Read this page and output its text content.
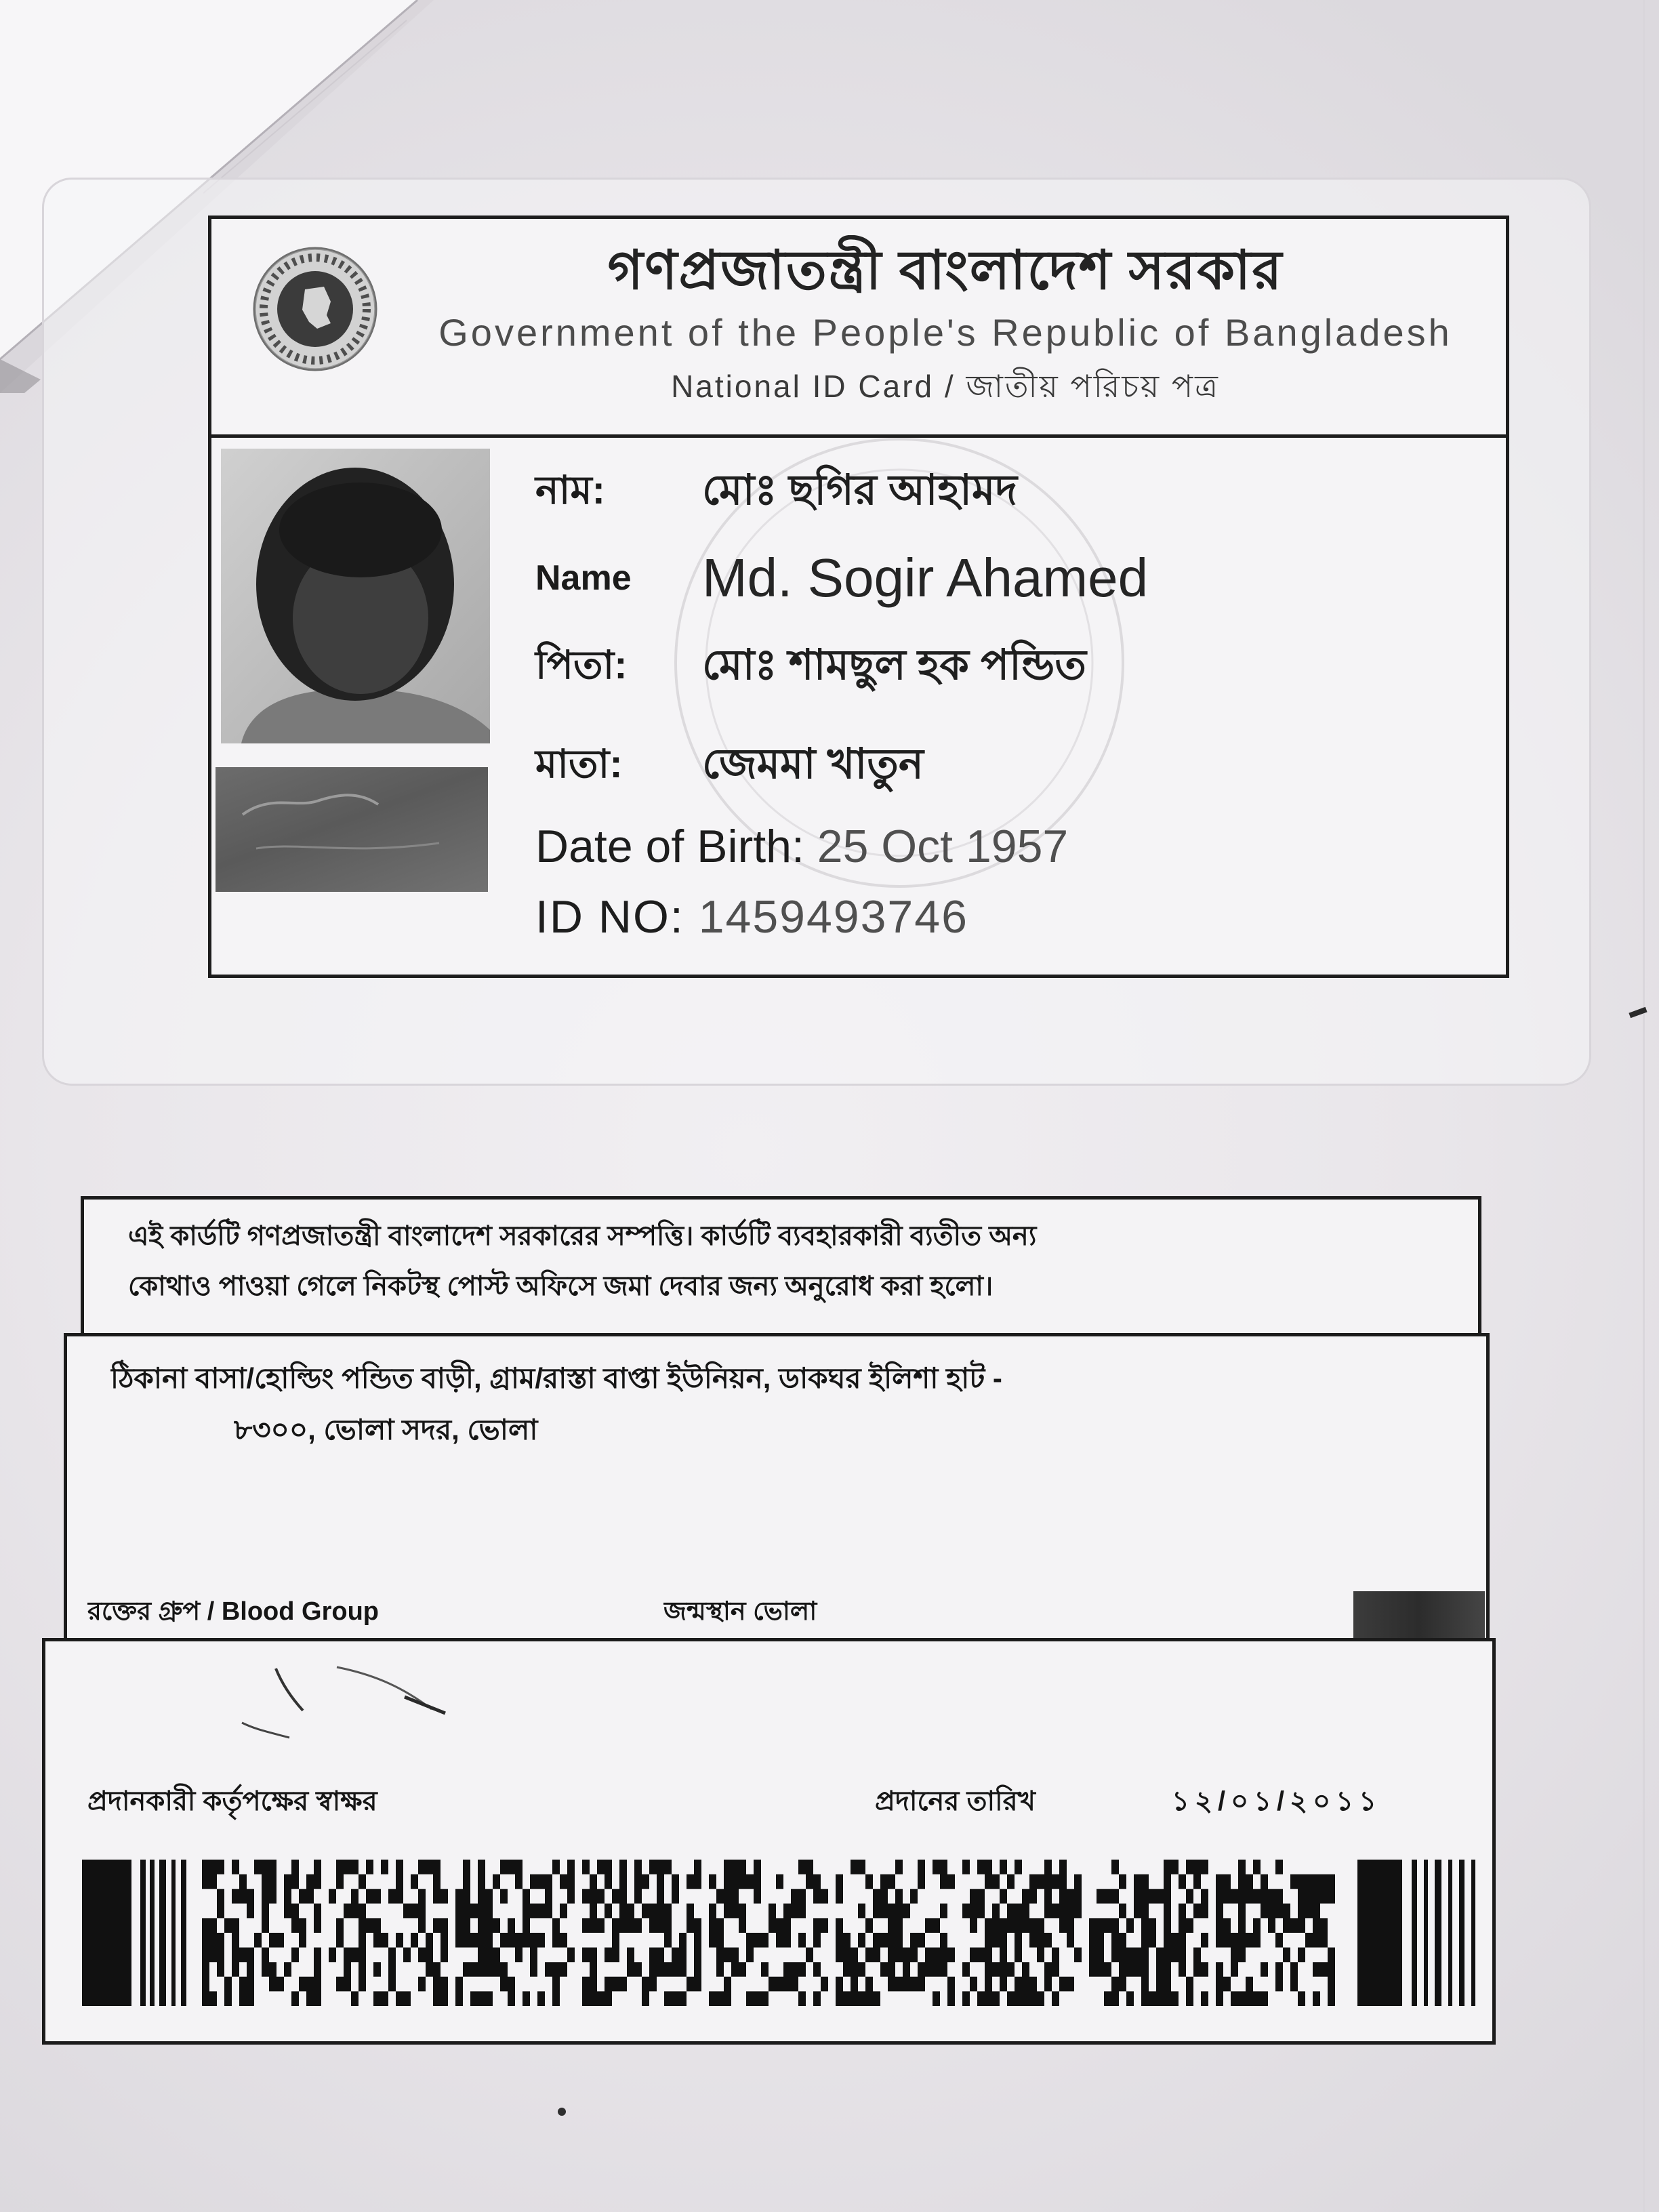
গণপ্রজাতন্ত্রী বাংলাদেশ সরকার
Government of the People's Republic of Bangladesh
National ID Card / জাতীয় পরিচয় পত্র
নাম: মোঃ ছগির আহামদ
Name Md. Sogir Ahamed
পিতা: মোঃ শামছুল হক পন্ডিত
মাতা: জেমমা খাতুন
Date of Birth: 25 Oct 1957
ID NO: 1459493746
এই কার্ডটি গণপ্রজাতন্ত্রী বাংলাদেশ সরকারের সম্পত্তি। কার্ডটি ব্যবহারকারী ব্যতীত অন্য
কোথাও পাওয়া গেলে নিকটস্থ পোস্ট অফিসে জমা দেবার জন্য অনুরোধ করা হলো।
ঠিকানা বাসা/হোল্ডিং পন্ডিত বাড়ী, গ্রাম/রাস্তা বাপ্তা ইউনিয়ন, ডাকঘর ইলিশা হাট -
৮৩০০, ভোলা সদর, ভোলা
রক্তের গ্রুপ / Blood Group	জন্মস্থান ভোলা
প্রদানকারী কর্তৃপক্ষের স্বাক্ষর	প্রদানের তারিখ	১২/০১/২০১১
